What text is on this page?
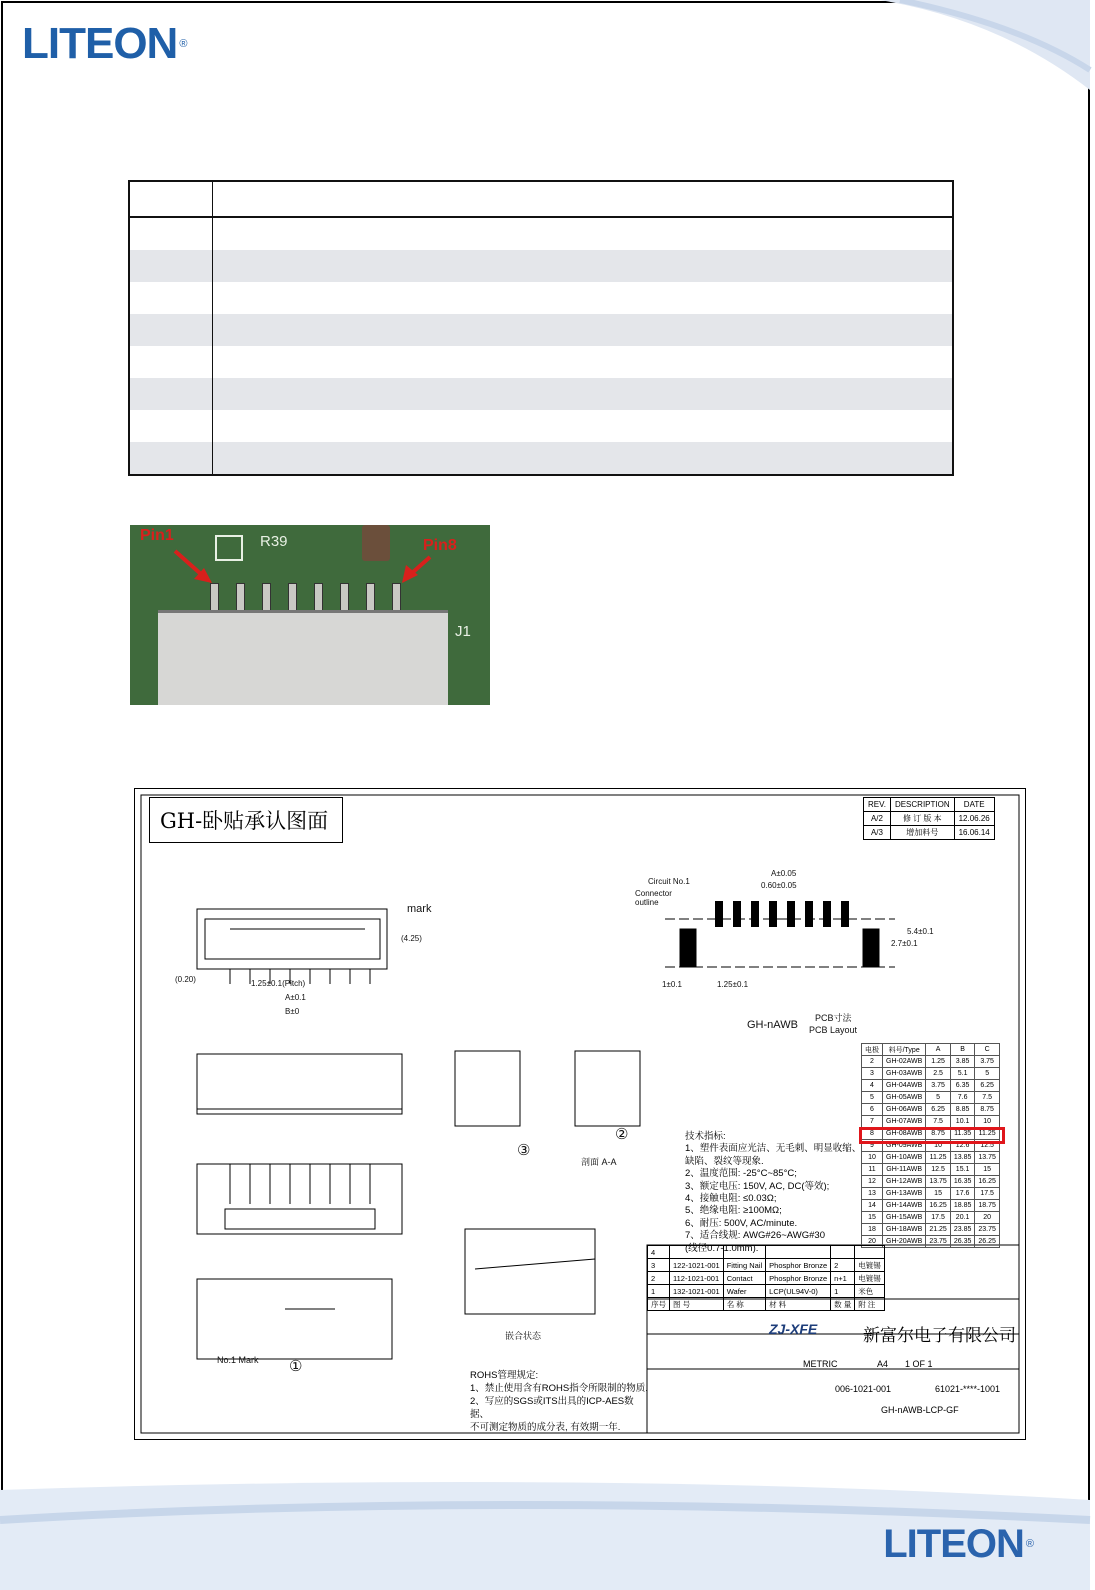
LITEON ®

R39
J1
Pin1
Pin8
GH-卧贴承认图面
REV.	DESCRIPTION	DATE
A/2	修 订 版 本	12.06.26
A/3	增加料号	16.06.14
mark
Circuit No.1
Connector outline
A±0.05
0.60±0.05
1±0.1	1.25±0.1
2.7±0.1
5.4±0.1
(4.25)
(0.20)	1.25±0.1(Pitch)
A±0.1
B±0
GH-nAWB
PCB寸法
PCB Layout
No.1 Mark
剖面 A-A
嵌合状态
①
②
③
技术指标:
1、塑件表面应光洁、无毛刺、明显收缩、
缺陷、裂纹等现象.
2、温度范围: -25°C~85°C;
3、额定电压: 150V, AC, DC(等效);
4、接触电阻: ≤0.03Ω;
5、绝缘电阻: ≥100MΩ;
6、耐压: 500V, AC/minute.
7、适合线规: AWG#26~AWG#30
(线径0.7-1.0mm).
ROHS管理规定:
1、禁止使用含有ROHS指令所限制的物质.
2、写应的SGS或ITS出具的ICP-AES数据、
不可测定物质的成分表, 有效期一年.
电极	料号/Type	A	B	C
2	GH-02AWB	1.25	3.85	3.75
3	GH-03AWB	2.5	5.1	5
4	GH-04AWB	3.75	6.35	6.25
5	GH-05AWB	5	7.6	7.5
6	GH-06AWB	6.25	8.85	8.75
7	GH-07AWB	7.5	10.1	10
8	GH-08AWB	8.75	11.35	11.25
9	GH-09AWB	10	12.6	12.5
10	GH-10AWB	11.25	13.85	13.75
11	GH-11AWB	12.5	15.1	15
12	GH-12AWB	13.75	16.35	16.25
13	GH-13AWB	15	17.6	17.5
14	GH-14AWB	16.25	18.85	18.75
15	GH-15AWB	17.5	20.1	20
18	GH-18AWB	21.25	23.85	23.75
20	GH-20AWB	23.75	26.35	26.25
4					
3	122-1021-001	Fitting Nail	Phosphor Bronze	2	电镀锡
2	112-1021-001	Contact	Phosphor Bronze	n+1	电镀锡
1	132-1021-001	Wafer	LCP(UL94V-0)	1	米色
序号	图 号	名 称	材 料	数 量	附 注
ZJ-XFE	新富尔电子有限公司
METRIC	A4 1 OF 1
006-1021-001	61021-****-1001
GH-nAWB-LCP-GF
LITEON ®
